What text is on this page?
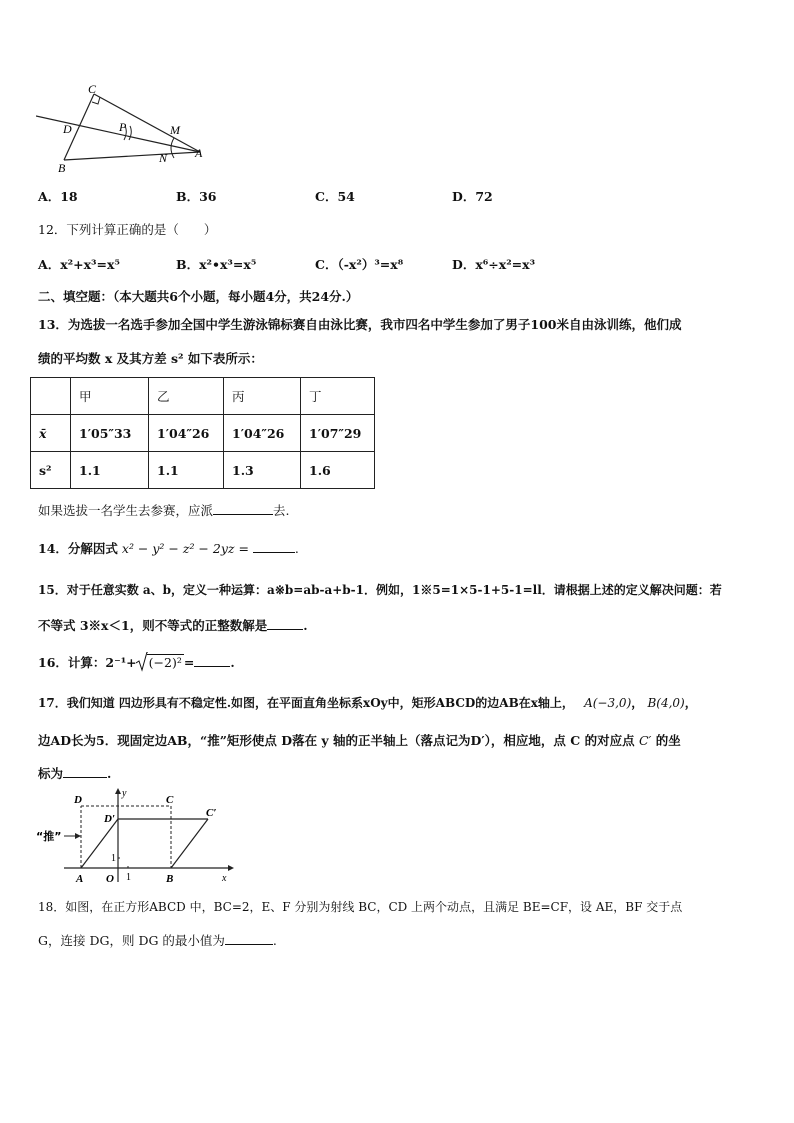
C
D	P	M
B
N A
A．18	B．36	C．54	D．72
12．下列计算正确的是（　　）
A．x²+x³=x⁵	B．x²•x³=x⁵	C．（-x²）³=x⁸	D．x⁶÷x²=x³
二、填空题：（本大题共6个小题，每小题4分，共24分.）
13．为选拔一名选手参加全国中学生游泳锦标赛自由泳比赛，我市四名中学生参加了男子100米自由泳训练，他们成
绩的平均数 x 及其方差 s² 如下表所示：
	甲	乙	丙	丁
x̄	1′05″33	1′04″26	1′04″26	1′07″29
s²	1.1	1.1	1.3	1.6
如果选拔一名学生去参赛，应派	去.
14．分解因式 x² − y² − z² − 2yz =	.
15．对于任意实数 a、b，定义一种运算：a※b=ab-a+b-1．例如，1※5=1×5-1+5-1=ll．请根据上述的定义解决问题：若
不等式 3※x＜1，则不等式的正整数解是	.
16．计算：2⁻¹+ (−2)² =	.
17．我们知道 四边形具有不稳定性.如图，在平面直角坐标系xOy中，矩形ABCD的边AB在x轴上， A(−3,0)， B(4,0)，
边AD长为5．现固定边AB，“推”矩形使点 D落在 y 轴的正半轴上（落点记为D′），相应地，点 C 的对应点 C′ 的坐
标为	.
D
y
C
D′	C′
“推”
1
A O 1	B	x
18．如图，在正方形ABCD 中，BC=2，E、F 分别为射线 BC，CD 上两个动点，且满足 BE=CF，设 AE，BF 交于点
G，连接 DG，则 DG 的最小值为	.
